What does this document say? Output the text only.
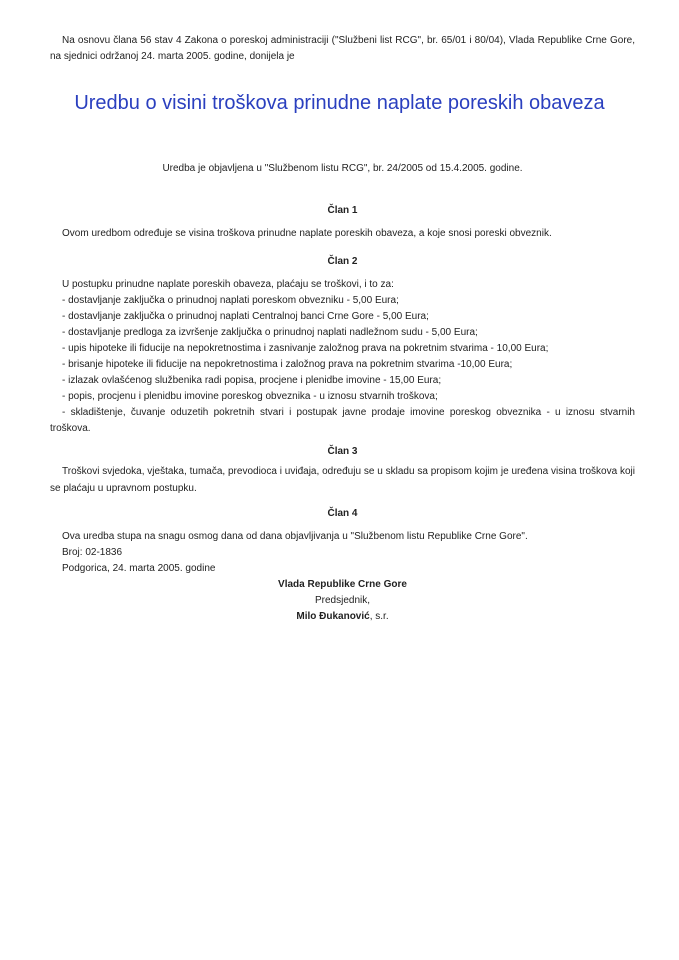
Na osnovu člana 56 stav 4 Zakona o poreskoj administraciji ("Službeni list RCG", br. 65/01 i 80/04), Vlada Republike Crne Gore, na sjednici održanoj 24. marta 2005. godine, donijela je
Uredbu o visini troškova prinudne naplate poreskih obaveza
Uredba je objavljena u "Službenom listu RCG", br. 24/2005 od 15.4.2005. godine.
Član 1
Ovom uredbom određuje se visina troškova prinudne naplate poreskih obaveza, a koje snosi poreski obveznik.
Član 2

U postupku prinudne naplate poreskih obaveza, plaćaju se troškovi, i to za:

- dostavljanje zaključka o prinudnoj naplati poreskom obvezniku - 5,00 Eura;

- dostavljanje zaključka o prinudnoj naplati Centralnoj banci Crne Gore - 5,00 Eura;

- dostavljanje predloga za izvršenje zaključka o prinudnoj naplati nadležnom sudu - 5,00 Eura;

- upis hipoteke ili fiducije na nepokretnostima i zasnivanje založnog prava na pokretnim stvarima - 10,00 Eura;

- brisanje hipoteke ili fiducije na nepokretnostima i založnog prava na pokretnim stvarima -10,00 Eura;

- izlazak ovlašćenog službenika radi popisa, procjene i plenidbe imovine - 15,00 Eura;

- popis, procjenu i plenidbu imovine poreskog obveznika - u iznosu stvarnih troškova;

- skladištenje, čuvanje oduzetih pokretnih stvari i postupak javne prodaje imovine poreskog obveznika - u iznosu stvarnih troškova.

Član 3
Troškovi svjedoka, vještaka, tumača, prevodioca i uviđaja, određuju se u skladu sa propisom kojim je uređena visina troškova koji se plaćaju u upravnom postupku.
Član 4

Ova uredba stupa na snagu osmog dana od dana objavljivanja u "Službenom listu Republike Crne Gore".

Broj: 02-1836

Podgorica, 24. marta 2005. godine

Vlada Republike Crne Gore

Predsjednik,

Milo Đukanović, s.r.
